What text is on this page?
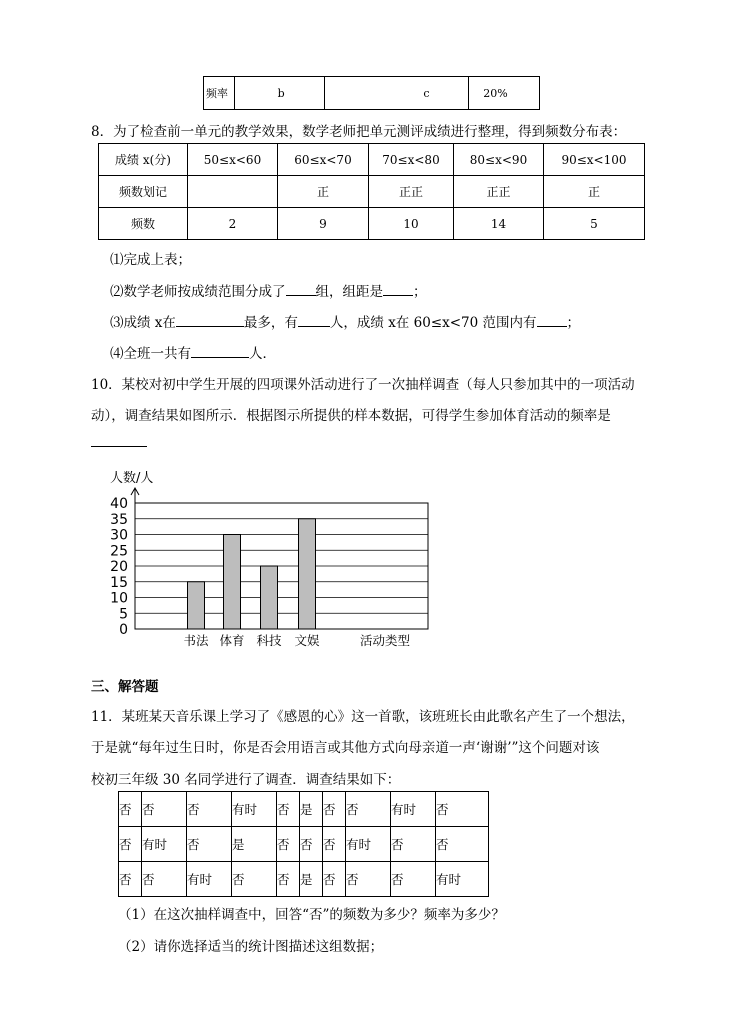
频率	b	c	20%
8．为了检查前一单元的教学效果，数学老师把单元测评成绩进行整理，得到频数分布表：
成绩 x(分)	50≤x<60	60≤x<70	70≤x<80	80≤x<90	90≤x<100
频数划记		正	正正	正正	正
频数	2	9	10	14	5
⑴完成上表；
⑵数学老师按成绩范围分成了 组，组距是 ；
⑶成绩 x在	最多，有 人，成绩 x在 60≤x<70 范围内有 ；
⑷全班一共有	人．
10．某校对初中学生开展的四项课外活动进行了一次抽样调查（每人只参加其中的一项活动
动），调查结果如图所示．根据图示所提供的样本数据，可得学生参加体育活动的频率是
40
35
30
25
20
15
10
5
0
书法 体育 科技 文娱
人数/人
活动类型
三、解答题
11．某班某天音乐课上学习了《感恩的心》这一首歌，该班班长由此歌名产生了一个想法，
于是就“每年过生日时，你是否会用语言或其他方式向母亲道一声‘谢谢’”这个问题对该
校初三年级 30 名同学进行了调查．调查结果如下：
否	否	否	有时	否	是	否	否	有时	否
否	有时	否	是	否	否	否	有时	否	否
否	否	有时	否	否	是	否	否	否	有时
（1）在这次抽样调查中，回答“否”的频数为多少？频率为多少？
（2）请你选择适当的统计图描述这组数据；
